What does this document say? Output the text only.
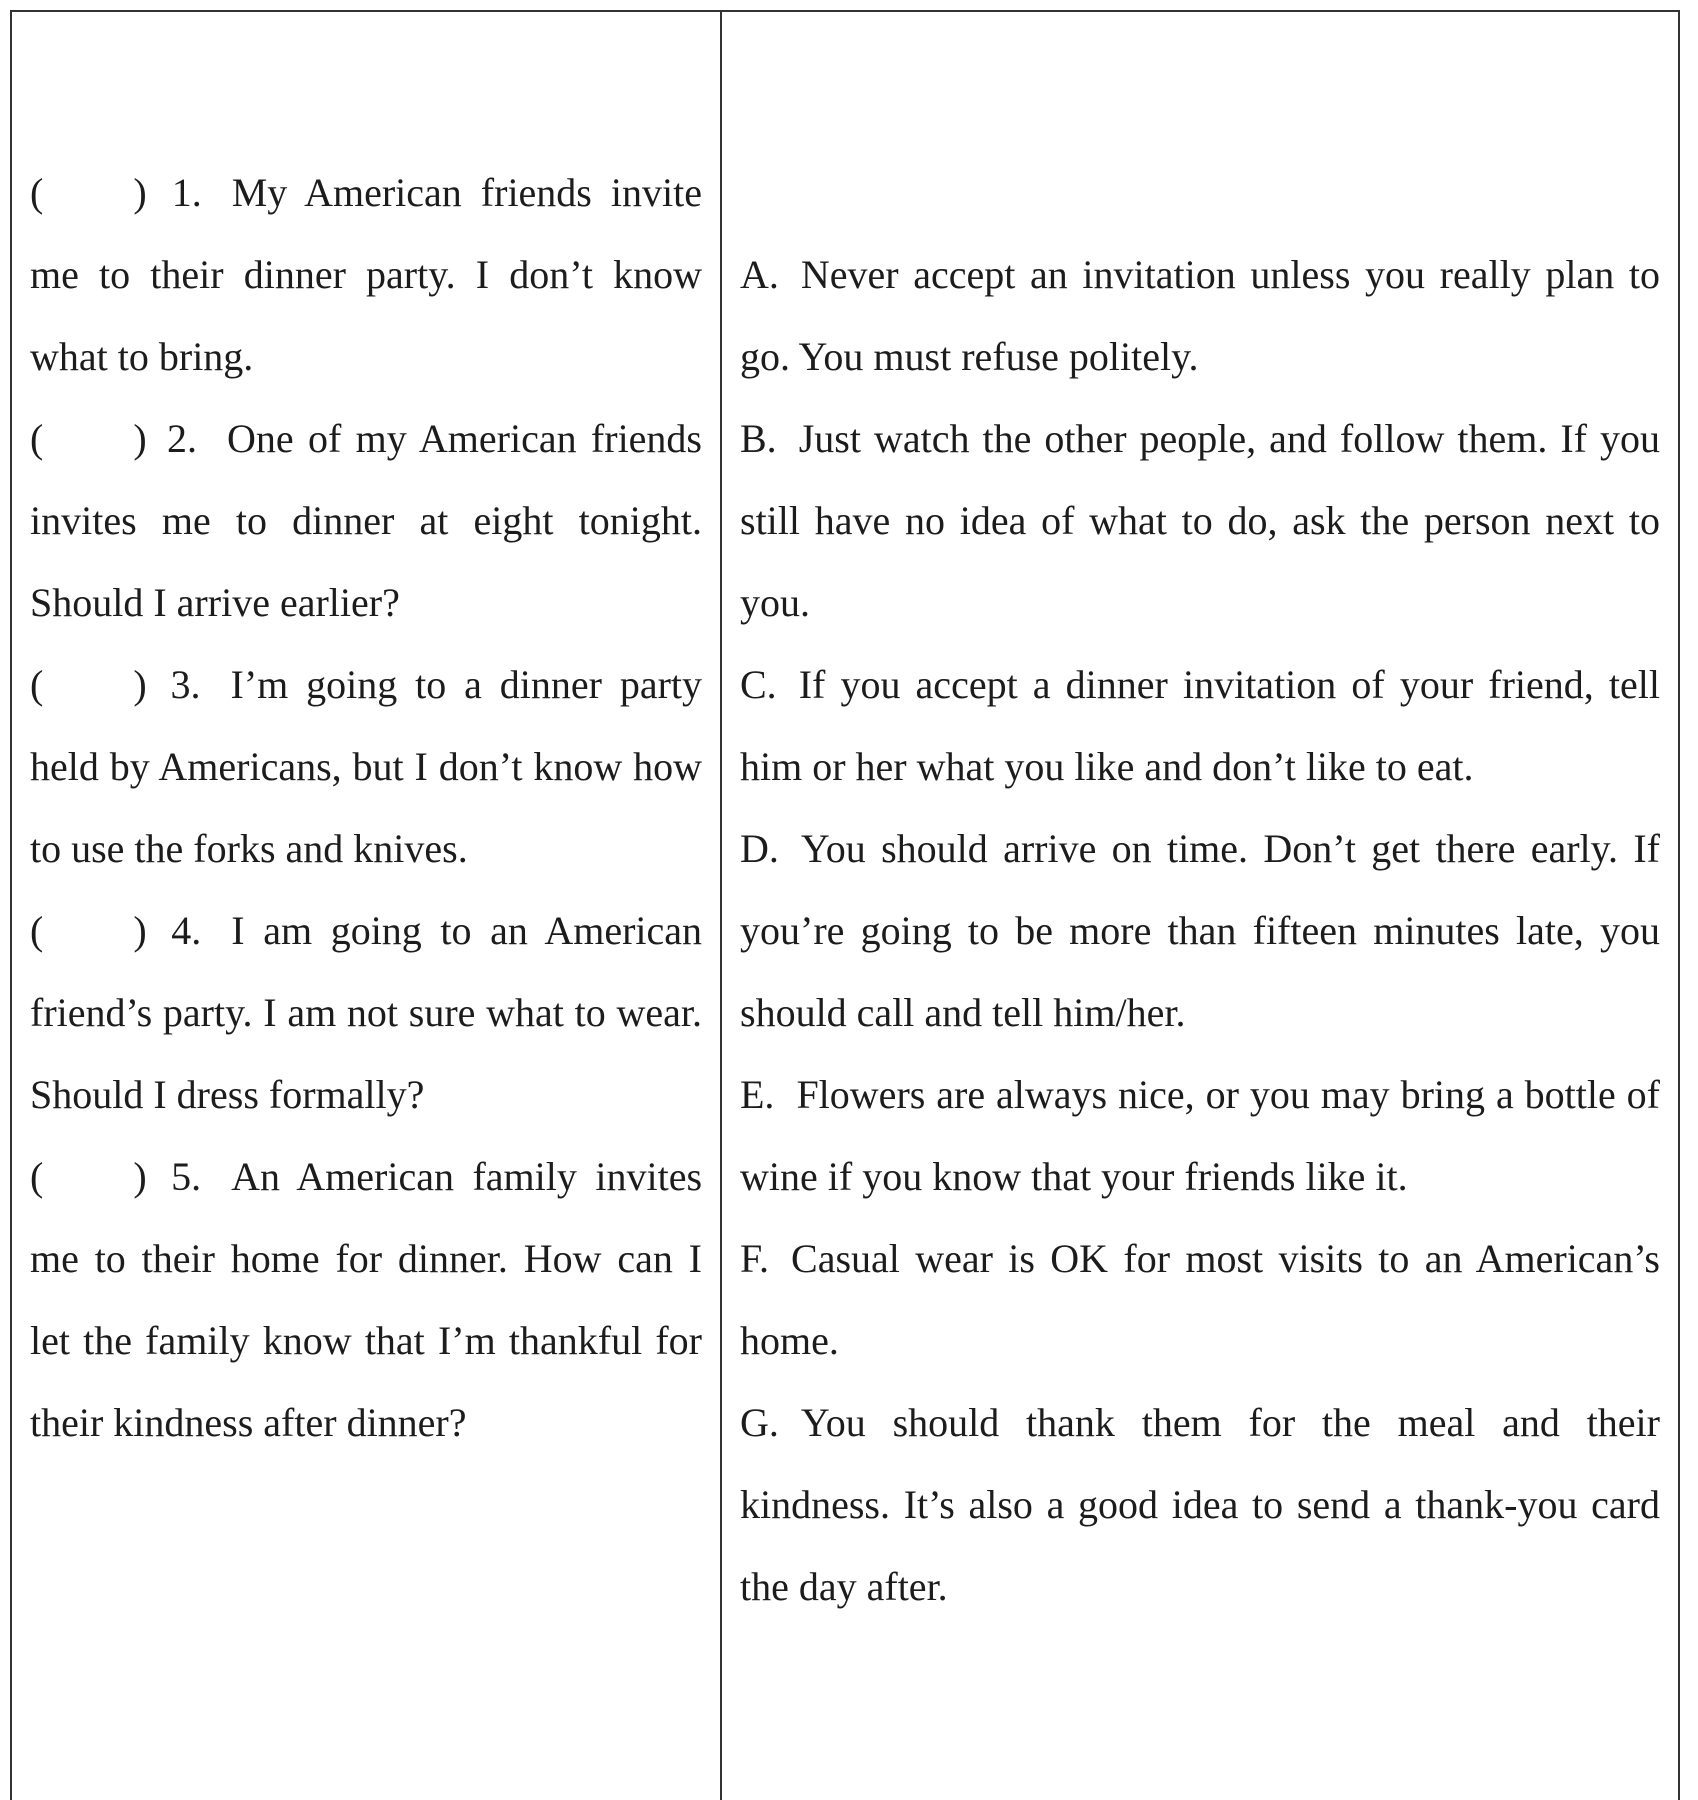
( ) 1. My American friends invite me to their dinner party. I don’t know what to bring.

( ) 2. One of my American friends invites me to dinner at eight tonight. Should I arrive earlier?

( ) 3. I’m going to a dinner party held by Americans, but I don’t know how to use the forks and knives.

( ) 4. I am going to an American friend’s party. I am not sure what to wear. Should I dress formally?

( ) 5. An American family invites me to their home for dinner. How can I let the family know that I’m thankful for their kindness after dinner?

A. Never accept an invitation unless you really plan to go. You must refuse politely.

B. Just watch the other people, and follow them. If you still have no idea of what to do, ask the person next to you.

C. If you accept a dinner invitation of your friend, tell him or her what you like and don’t like to eat.

D. You should arrive on time. Don’t get there early. If you’re going to be more than fifteen minutes late, you should call and tell him/her.

E. Flowers are always nice, or you may bring a bottle of wine if you know that your friends like it.

F. Casual wear is OK for most visits to an American’s home.

G. You should thank them for the meal and their kindness. It’s also a good idea to send a thank-you card the day after.
